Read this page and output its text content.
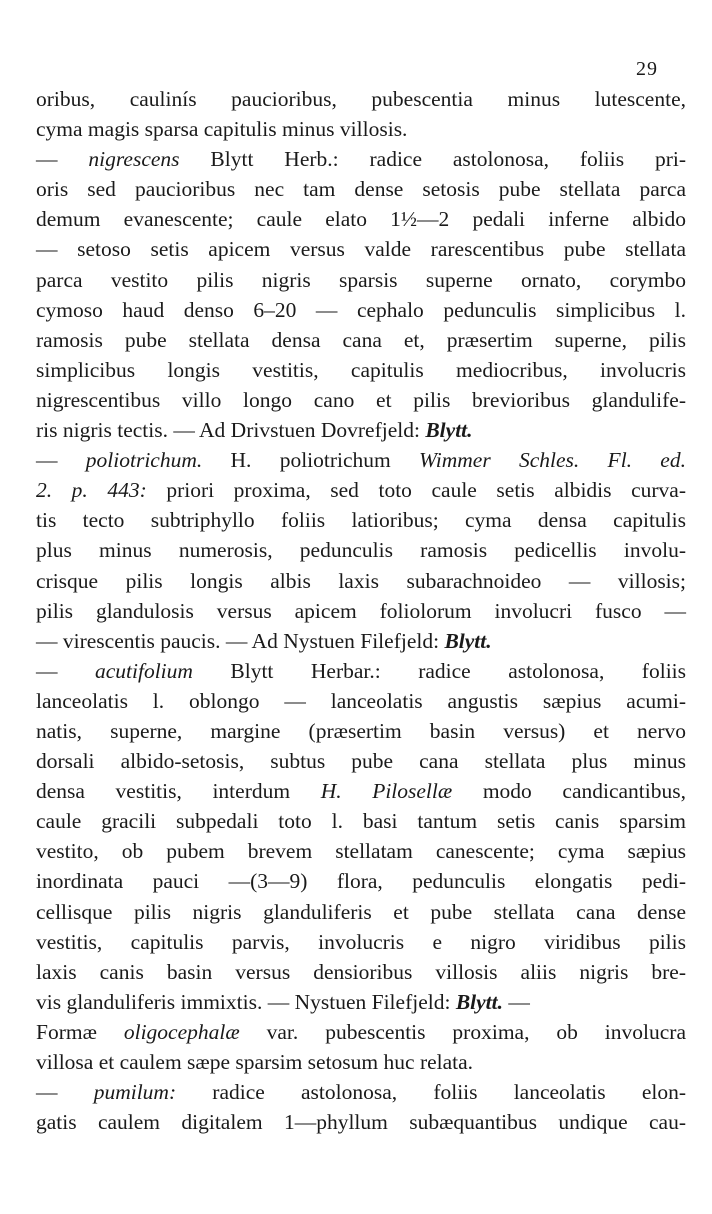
29
oribus, caulinís paucioribus, pubescentia minus lutescente,
cyma magis sparsa capitulis minus villosis.
— nigrescens Blytt Herb.: radice astolonosa, foliis pri-
oris sed paucioribus nec tam dense setosis pube stellata parca
demum evanescente; caule elato 1½—2 pedali inferne albido
— setoso setis apicem versus valde rarescentibus pube stellata
parca vestito pilis nigris sparsis superne ornato, corymbo
cymoso haud denso 6–20 — cephalo pedunculis simplicibus l.
ramosis pube stellata densa cana et, præsertim superne, pilis
simplicibus longis vestitis, capitulis mediocribus, involucris
nigrescentibus villo longo cano et pilis brevioribus glandulife-
ris nigris tectis. — Ad Drivstuen Dovrefjeld: Blytt.
— poliotrichum. H. poliotrichum Wimmer Schles. Fl. ed.
2. p. 443: priori proxima, sed toto caule setis albidis curva-
tis tecto subtriphyllo foliis latioribus; cyma densa capitulis
plus minus numerosis, pedunculis ramosis pedicellis involu-
crisque pilis longis albis laxis subarachnoideo — villosis;
pilis glandulosis versus apicem foliolorum involucri fusco —
— virescentis paucis. — Ad Nystuen Filefjeld: Blytt.
— acutifolium Blytt Herbar.: radice astolonosa, foliis
lanceolatis l. oblongo — lanceolatis angustis sæpius acumi-
natis, superne, margine (præsertim basin versus) et nervo
dorsali albido-setosis, subtus pube cana stellata plus minus
densa vestitis, interdum H. Pilosellæ modo candicantibus,
caule gracili subpedali toto l. basi tantum setis canis sparsim
vestito, ob pubem brevem stellatam canescente; cyma sæpius
inordinata pauci —(3—9) flora, pedunculis elongatis pedi-
cellisque pilis nigris glanduliferis et pube stellata cana dense
vestitis, capitulis parvis, involucris e nigro viridibus pilis
laxis canis basin versus densioribus villosis aliis nigris bre-
vis glanduliferis immixtis. — Nystuen Filefjeld: Blytt. —
Formæ oligocephalæ var. pubescentis proxima, ob involucra
villosa et caulem sæpe sparsim setosum huc relata.
— pumilum: radice astolonosa, foliis lanceolatis elon-
gatis caulem digitalem 1—phyllum subæquantibus undique cau-
